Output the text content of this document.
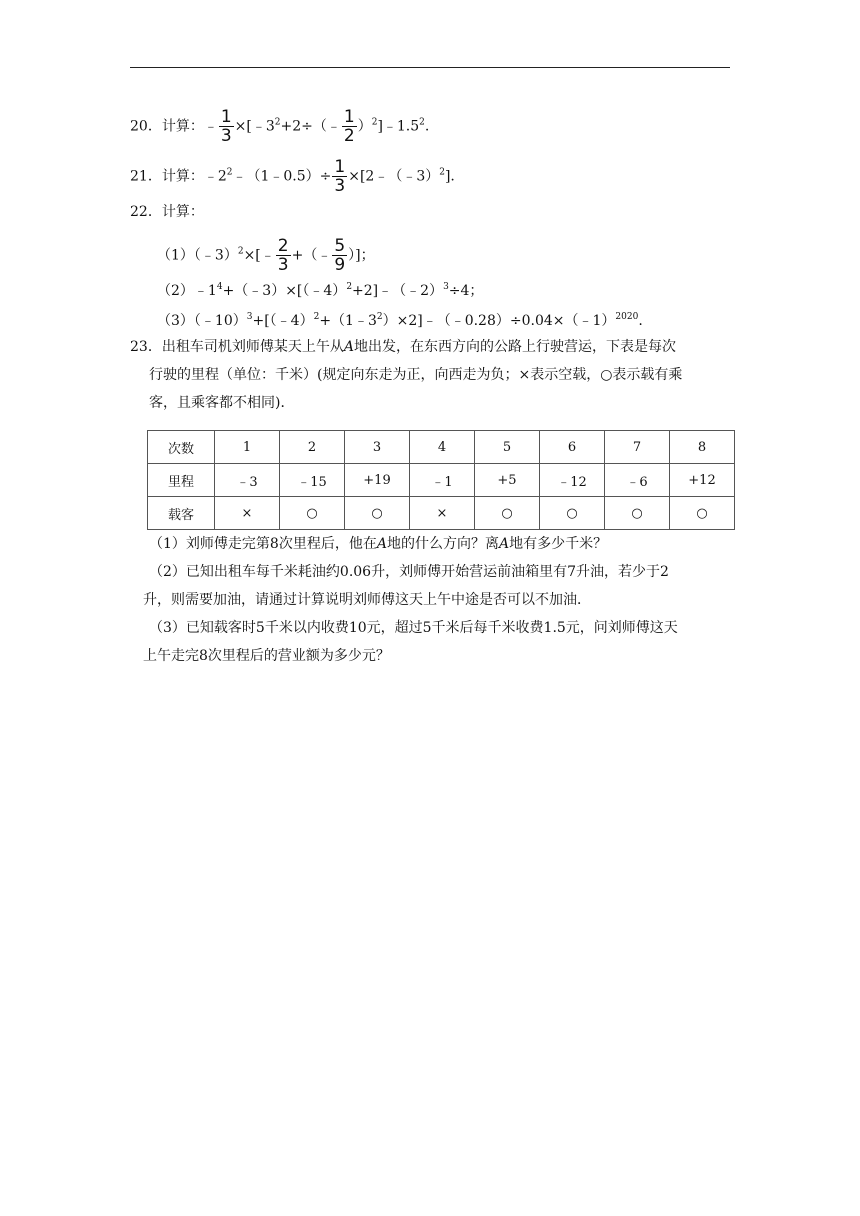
20．计算：﹣ $\frac{1}{3}$ $\times[﹣3^2+2\div(﹣ \frac{1}{2}$ ）$^2]﹣1.5^2$.
21．计算：$﹣2^2﹣(1﹣0.5)\div \frac{1}{3}$ ×[2﹣（﹣3）$^2$].
22．计算：
（1）（﹣3）$^2$×[﹣ $\frac{2}{3}$ +（﹣ $\frac{5}{9}$ ）]；
$(2)﹣1^4+(﹣3)\times[(﹣4)^2+2]﹣(﹣2)^3\div 4$；
$(3)(﹣10)^3+[(﹣4)^2+(1﹣3^2)\times 2]﹣(﹣0.28)\div 0.04\times(﹣1)^{2020}$.
23．出租车司机刘师傅某天上午从A地出发，在东西方向的公路上行驶营运，下表是每次
行驶的里程（单位：千米）(规定向东走为正，向西走为负；×表示空载，○表示载有乘
客，且乘客都不相同)．
次数	1	2	3	4	5	6	7	8
里程	﹣3	﹣15	+19	﹣1	+5	﹣12	﹣6	+12
载客	×	○	○	×	○	○	○	○
（1）刘师傅走完第8次里程后，他在A地的什么方向？离A地有多少千米？
（2）已知出租车每千米耗油约0.06升，刘师傅开始营运前油箱里有7升油，若少于2
升，则需要加油，请通过计算说明刘师傅这天上午中途是否可以不加油．
（3）已知载客时5千米以内收费10元，超过5千米后每千米收费1.5元，问刘师傅这天
上午走完8次里程后的营业额为多少元？
